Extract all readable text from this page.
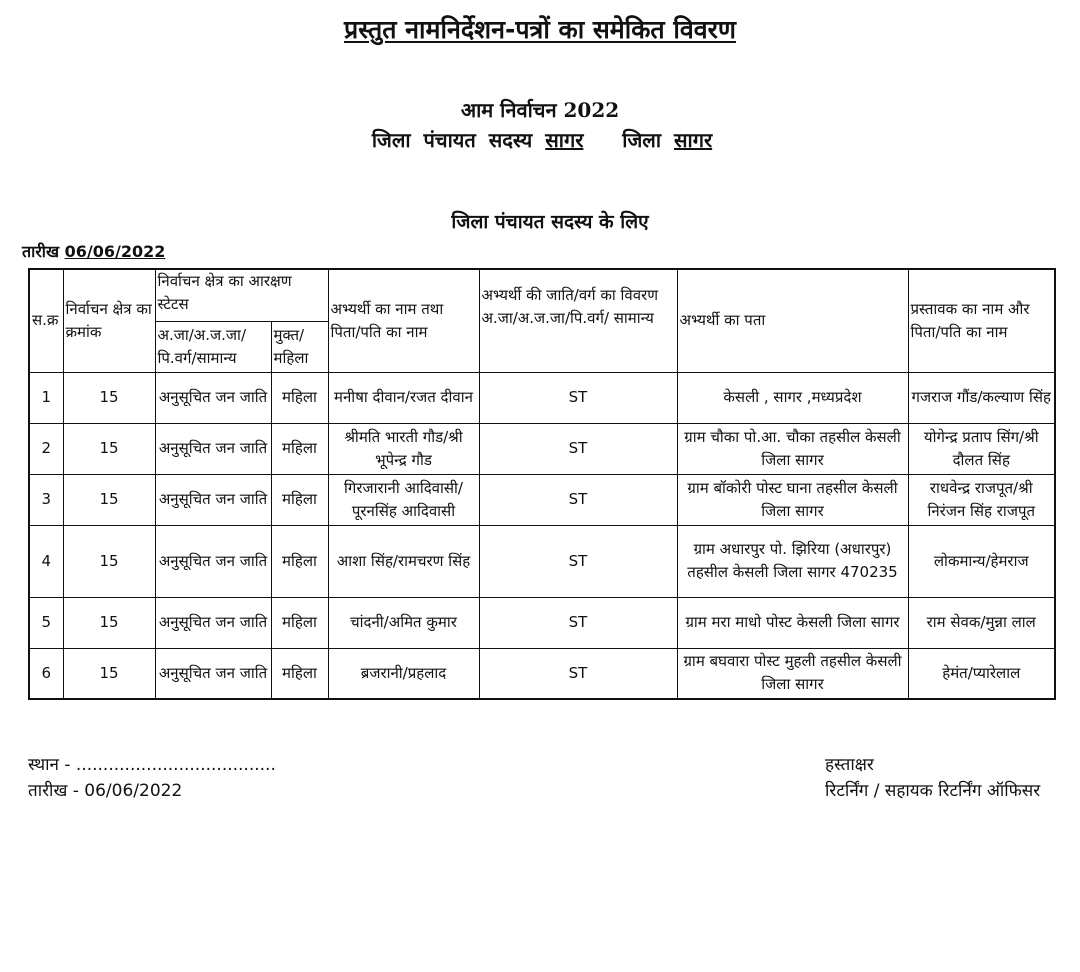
प्रस्तुत नामनिर्देशन-पत्रों का समेकित विवरण
आम निर्वाचन 2022
जिला पंचायत सदस्य सागर जिला सागर
जिला पंचायत सदस्य के लिए
तारीख 06/06/2022
स.क्र	निर्वाचन क्षेत्र का क्रमांक	निर्वाचन क्षेत्र का आरक्षण स्टेटस		अभ्यर्थी का नाम तथा पिता/पति का नाम	अभ्यर्थी की जाति/वर्ग का विवरण अ.जा/अ.ज.जा/पि.वर्ग/ सामान्य	अभ्यर्थी का पता	प्रस्तावक का नाम और पिता/पति का नाम
		अ.जा/अ.ज.जा/ पि.वर्ग/सामान्य	मुक्त/ महिला				
1	15	अनुसूचित जन जाति	महिला	मनीषा दीवान/रजत दीवान	ST	केसली , सागर ,मध्यप्रदेश	गजराज गौंड/कल्याण सिंह
2	15	अनुसूचित जन जाति	महिला	श्रीमति भारती गौड/श्री भूपेन्द्र गौड	ST	ग्राम चौका पो.आ. चौका तहसील केसली जिला सागर	योगेन्द्र प्रताप सिंग/श्री दौलत सिंह
3	15	अनुसूचित जन जाति	महिला	गिरजारानी आदिवासी/ पूरनसिंह आदिवासी	ST	ग्राम बॉकोरी पोस्ट घाना तहसील केसली जिला सागर	राधवेन्द्र राजपूत/श्री निरंजन सिंह राजपूत
4	15	अनुसूचित जन जाति	महिला	आशा सिंह/रामचरण सिंह	ST	ग्राम अधारपुर पो. झिरिया (अधारपुर) तहसील केसली जिला सागर 470235	लोकमान्य/हेमराज
5	15	अनुसूचित जन जाति	महिला	चांदनी/अमित कुमार	ST	ग्राम मरा माधो पोस्ट केसली जिला सागर	राम सेवक/मुन्ना लाल
6	15	अनुसूचित जन जाति	महिला	ब्रजरानी/प्रहलाद	ST	ग्राम बघवारा पोस्ट मुहली तहसील केसली जिला सागर	हेमंत/प्यारेलाल
स्थान - .....................................
तारीख - 06/06/2022
हस्ताक्षर
रिटर्निंग / सहायक रिटर्निंग ऑफिसर
